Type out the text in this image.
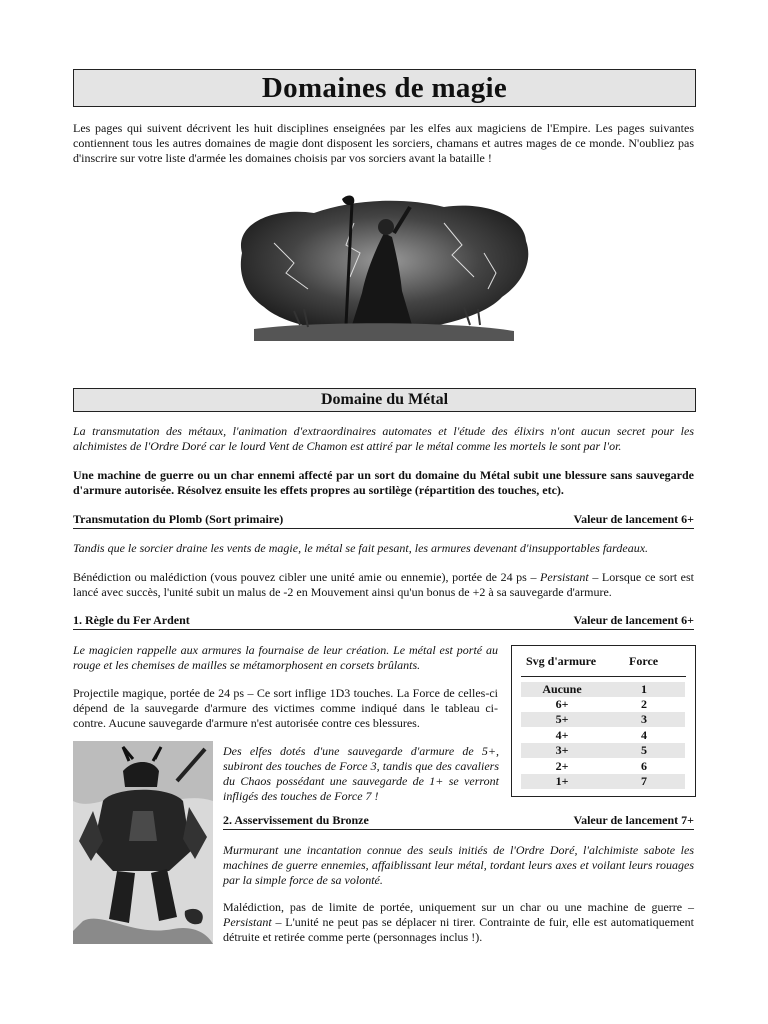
Domaines de magie

Les pages qui suivent décrivent les huit disciplines enseignées par les elfes aux magiciens de l'Empire. Les pages suivantes contiennent tous les autres domaines de magie dont disposent les sorciers, chamans et autres mages de ce monde. N'oubliez pas d'inscrire sur votre liste d'armée les domaines choisis par vos sorciers avant la bataille !

Domaine du Métal

La transmutation des métaux, l'animation d'extraordinaires automates et l'étude des élixirs n'ont aucun secret pour les alchimistes de l'Ordre Doré car le lourd Vent de Chamon est attiré par le métal comme les mortels le sont par l'or.

Une machine de guerre ou un char ennemi affecté par un sort du domaine du Métal subit une blessure sans sauvegarde d'armure autorisée. Résolvez ensuite les effets propres au sortilège (répartition des touches, etc).

Transmutation du Plomb (Sort primaire)	Valeur de lancement 6+

Tandis que le sorcier draine les vents de magie, le métal se fait pesant, les armures devenant d'insupportables fardeaux.

Bénédiction ou malédiction (vous pouvez cibler une unité amie ou ennemie), portée de 24 ps – Persistant – Lorsque ce sort est lancé avec succès, l'unité subit un malus de -2 en Mouvement ainsi qu'un bonus de +2 à sa sauvegarde d'armure.

1. Règle du Fer Ardent	Valeur de lancement 6+

Le magicien rappelle aux armures la fournaise de leur création. Le métal est porté au rouge et les chemises de mailles se métamorphosent en corsets brûlants.

Projectile magique, portée de 24 ps – Ce sort inflige 1D3 touches. La Force de celles-ci dépend de la sauvegarde d'armure des victimes comme indiqué dans le tableau ci-contre. Aucune sauvegarde d'armure n'est autorisée contre ces blessures.

Svg d'armure	Force
Aucune	1
6+	2
5+	3
4+	4
3+	5
2+	6
1+	7

Des elfes dotés d'une sauvegarde d'armure de 5+, subiront des touches de Force 3, tandis que des cavaliers du Chaos possédant une sauvegarde de 1+ se verront infligés des touches de Force 7 !

2. Asservissement du Bronze	Valeur de lancement 7+

Murmurant une incantation connue des seuls initiés de l'Ordre Doré, l'alchimiste sabote les machines de guerre ennemies, affaiblissant leur métal, tordant leurs axes et voilant leurs rouages par la simple force de sa volonté.

Malédiction, pas de limite de portée, uniquement sur un char ou une machine de guerre – Persistant – L'unité ne peut pas se déplacer ni tirer. Contrainte de fuir, elle est automatiquement détruite et retirée comme perte (personnages inclus !).
